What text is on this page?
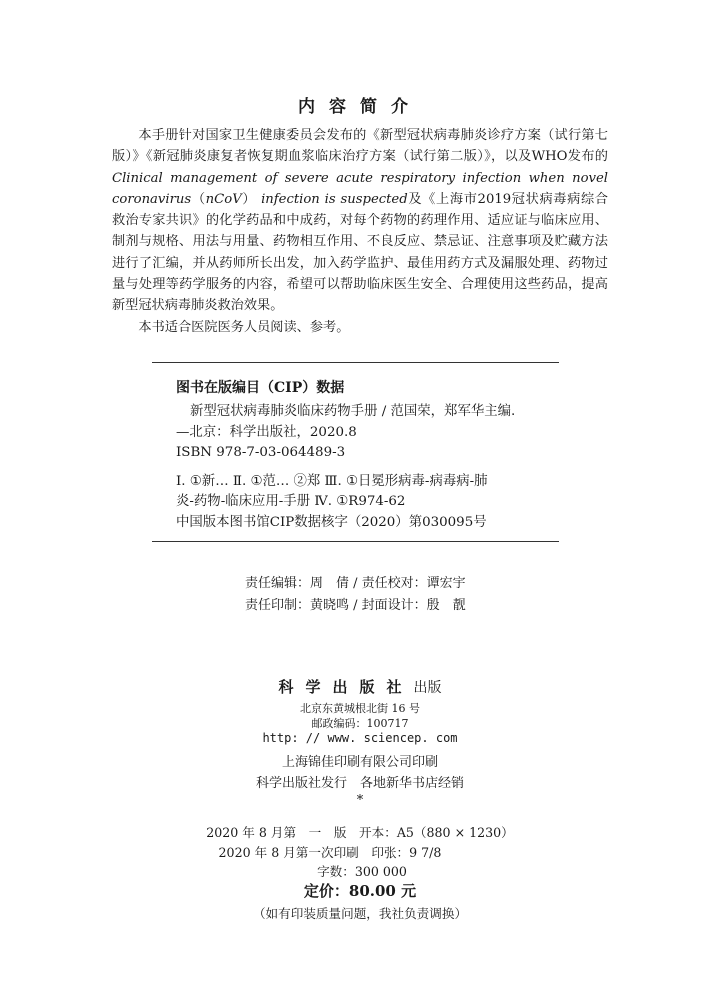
内容简介

本手册针对国家卫生健康委员会发布的《新型冠状病毒肺炎诊疗方案（试行第七版）》《新冠肺炎康复者恢复期血浆临床治疗方案（试行第二版）》，以及WHO发布的Clinical management of severe acute respiratory infection when novel coronavirus（nCoV） infection is suspected及《上海市2019冠状病毒病综合救治专家共识》的化学药品和中成药，对每个药物的药理作用、适应证与临床应用、制剂与规格、用法与用量、药物相互作用、不良反应、禁忌证、注意事项及贮藏方法进行了汇编，并从药师所长出发，加入药学监护、最佳用药方式及漏服处理、药物过量与处理等药学服务的内容，希望可以帮助临床医生安全、合理使用这些药品，提高新型冠状病毒肺炎救治效果。

本书适合医院医务人员阅读、参考。

图书在版编目（CIP）数据
新型冠状病毒肺炎临床药物手册 / 范国荣，郑军华主编.
—北京：科学出版社，2020.8
ISBN 978-7-03-064489-3
Ⅰ. ①新… Ⅱ. ①范… ②郑 Ⅲ. ①日冕形病毒-病毒病-肺
炎-药物-临床应用-手册 Ⅳ. ①R974-62
中国版本图书馆CIP数据核字（2020）第030095号
责任编辑：周　倩 / 责任校对：谭宏宇
责任印制：黄晓鸣 / 封面设计：殷　靓
科学出版社出版
北京东黄城根北街 16 号
邮政编码：100717
http: // www. sciencep. com
上海锦佳印刷有限公司印刷
科学出版社发行　各地新华书店经销
*
2020 年 8 月第　一　版　开本：A5（880 × 1230）
2020 年 8 月第一次印刷　印张：9 7/8
字数：300 000
定价：80.00 元
（如有印装质量问题，我社负责调换）
